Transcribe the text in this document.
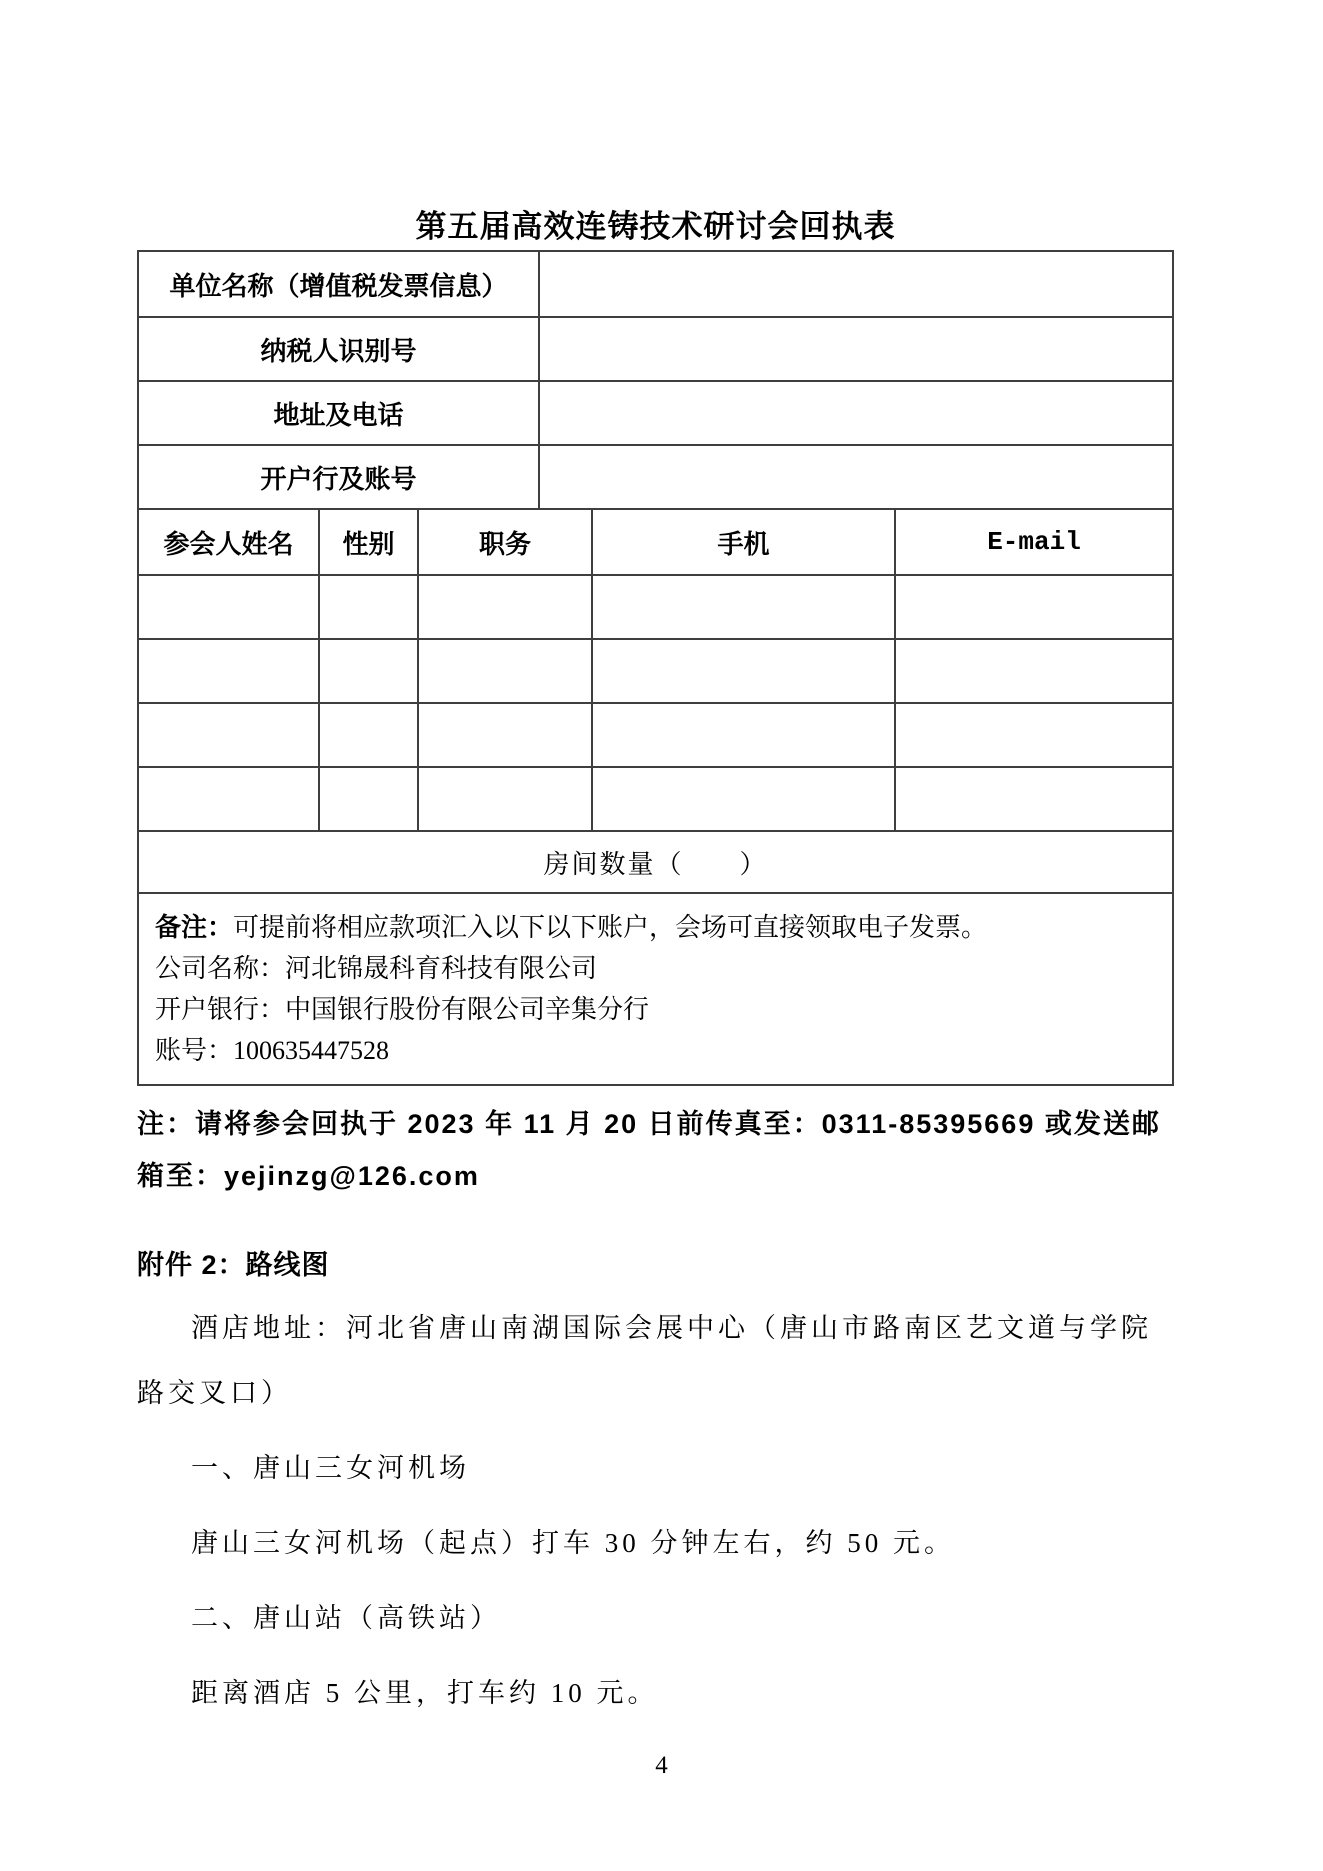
第五届高效连铸技术研讨会回执表
单位名称（增值税发票信息）
纳税人识别号
地址及电话
开户行及账号
参会人姓名	性别	职务	手机	E-mail
房间数量（　　）
备注：可提前将相应款项汇入以下以下账户，会场可直接领取电子发票。
公司名称：河北锦晟科育科技有限公司
开户银行：中国银行股份有限公司辛集分行
账号：100635447528

注：请将参会回执于 2023 年 11 月 20 日前传真至：0311-85395669 或发送邮箱至：yejinzg@126.com

附件 2：路线图

酒店地址：河北省唐山南湖国际会展中心（唐山市路南区艺文道与学院路交叉口）

一、唐山三女河机场

唐山三女河机场（起点）打车 30 分钟左右，约 50 元。

二、唐山站（高铁站）

距离酒店 5 公里，打车约 10 元。

4
